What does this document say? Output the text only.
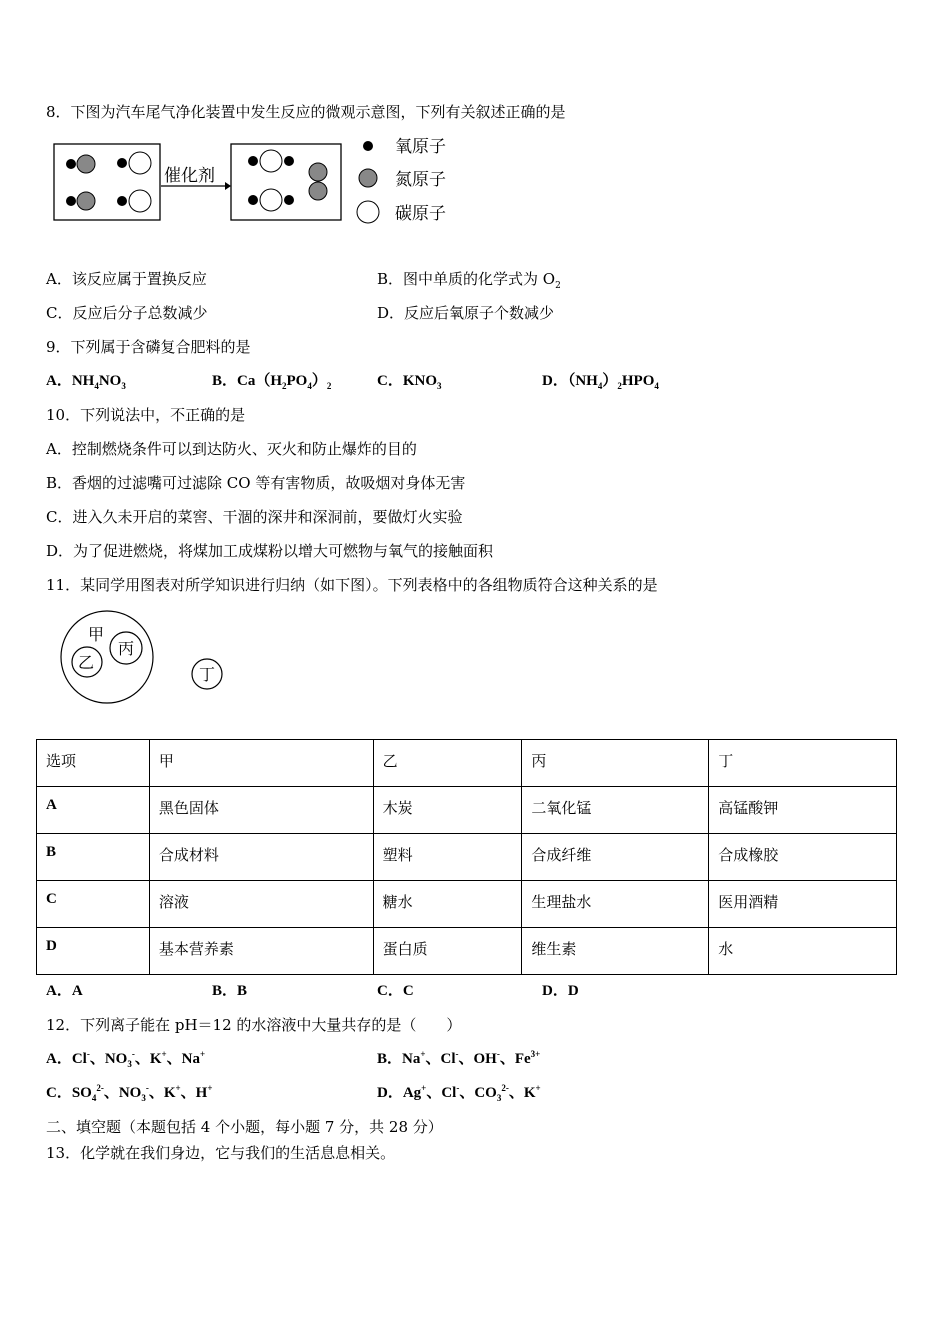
8．下图为汽车尾气净化装置中发生反应的微观示意图，下列有关叙述正确的是
催化剂
氧原子
氮原子
碳原子
A．该反应属于置换反应	B．图中单质的化学式为 $O_2$
C．反应后分子总数减少	D．反应后氧原子个数减少
9．下列属于含磷复合肥料的是
A．$NH_4NO_3$	B．$Ca(H_2PO_4)_2$	C．$KNO_3$	D．$(NH_4)_2HPO_4$
10．下列说法中，不正确的是
A．控制燃烧条件可以到达防火、灭火和防止爆炸的目的
B．香烟的过滤嘴可过滤除 CO 等有害物质，故吸烟对身体无害
C．进入久未开启的菜窖、干涸的深井和深洞前，要做灯火实验
D．为了促进燃烧，将煤加工成煤粉以增大可燃物与氧气的接触面积
11．某同学用图表对所学知识进行归纳（如下图）。下列表格中的各组物质符合这种关系的是
甲
乙
丙
丁
选项	甲	乙	丙	丁
A	黑色固体	木炭	二氧化锰	高锰酸钾
B	合成材料	塑料	合成纤维	合成橡胶
C	溶液	糖水	生理盐水	医用酒精
D	基本营养素	蛋白质	维生素	水
A．A	B．B	C．C	D．D
12．下列离子能在 pH＝12 的水溶液中大量共存的是（　　）
A．Cl-、$NO_3^-$、K+、Na+	B．Na+、Cl-、OH-、$Fe^{3+}$
C．$SO_4^{2-}$、$NO_3^-$、K+、H+	D．Ag+、Cl-、$CO_3^{2-}$、K+
二、填空题（本题包括 4 个小题，每小题 7 分，共 28 分）
13．化学就在我们身边，它与我们的生活息息相关。
